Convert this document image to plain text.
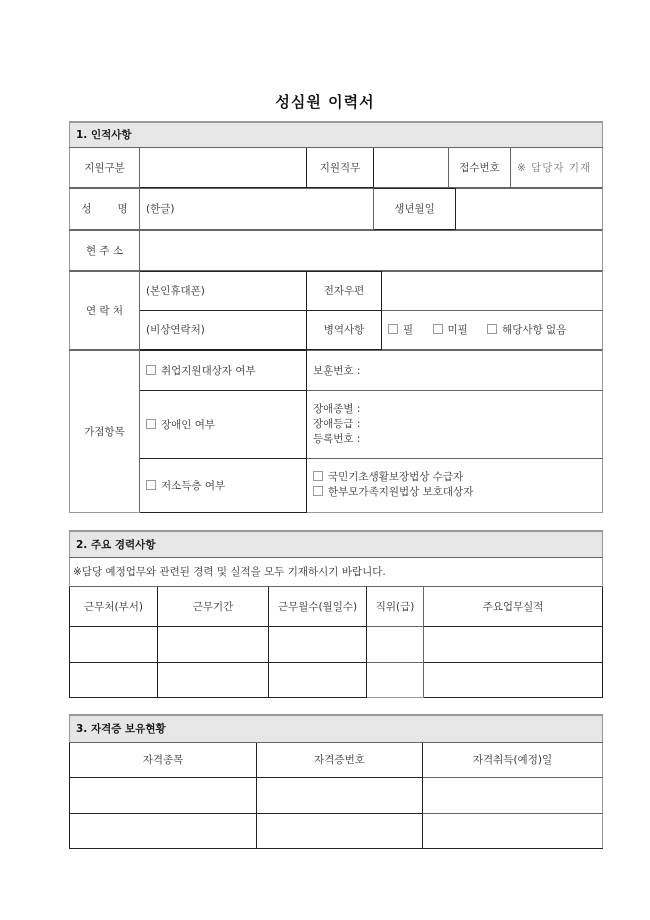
성심원 이력서
1. 인적사항
지원구분		지원직무		접수번호	※ 담당자 기재
성 명	(한글)	생년월일	
현 주 소	
연 락 처	(본인휴대폰)	전자우편	
	(비상연락처)	병역사항	필 미필 해당사항 없음
가점항목	취업지원대상자 여부	보훈번호 :
	장애인 여부	장애종별 :
장애등급 :
등록번호 :

	저소득층 여부	국민기초생활보장법상 수급자
한부모가족지원법상 보호대상자
2. 주요 경력사항				
※담당 예정업무와 관련된 경력 및 실적을 모두 기재하시기 바랍니다.				
근무처(부서)	근무기간	근무월수(월일수)	직위(급)	주요업무실적

3. 자격증 보유현황		
자격종목	자격증번호	자격취득(예정)일
